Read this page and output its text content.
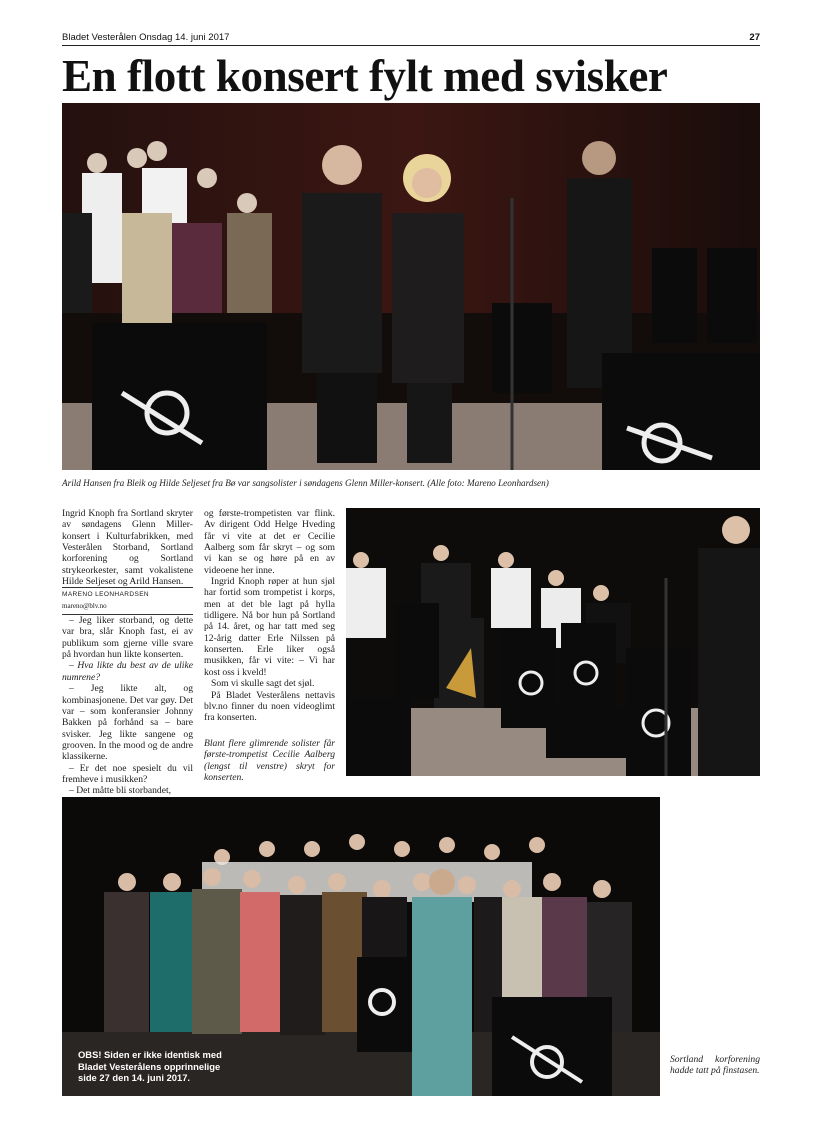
Bladet Vesterålen Onsdag 14. juni 2017	27
En flott konsert fylt med svisker

Arild Hansen fra Bleik og Hilde Seljeset fra Bø var sangsolister i søndagens Glenn Miller-konsert. (Alle foto: Mareno Leonhardsen)

Ingrid Knoph fra Sortland skryter av søndagens Glenn Miller-konsert i Kulturfabrikken, med Vesterålen Storband, Sortland korforening og Sortland strykeorkester, samt vokalistene Hilde Seljeset og Arild Hansen.

MARENO LEONHARDSEN

mareno@blv.no

– Jeg liker storband, og dette var bra, slår Knoph fast, ei av publikum som gjerne ville svare på hvordan hun likte konserten.

– Hva likte du best av de ulike numrene?

– Jeg likte alt, og kombinasjonene. Det var gøy. Det var – som konferansier Johnny Bakken på forhånd sa – bare svisker. Jeg likte sangene og grooven. In the mood og de andre klassikerne.

– Er det noe spesielt du vil fremheve i musikken?

– Det måtte bli storbandet,

og første-trompetisten var flink. Av dirigent Odd Helge Hveding får vi vite at det er Cecilie Aalberg som får skryt – og som vi kan se og høre på en av videoene her inne.

Ingrid Knoph røper at hun sjøl har fortid som trompetist i korps, men at det ble lagt på hylla tidligere. Nå bor hun på Sortland på 14. året, og har tatt med seg 12-årig datter Erle Nilssen på konserten. Erle liker også musikken, får vi vite: – Vi har kost oss i kveld!

Som vi skulle sagt det sjøl.

På Bladet Vesterålens nettavis blv.no finner du noen videoglimt fra konserten.

Blant flere glimrende solister får første-trompetist Cecilie Aalberg (lengst til venstre) skryt for konserten.

OBS! Siden er ikke identisk med
Bladet Vesterålens opprinnelige
side 27 den 14. juni 2017.

Sortland korforening hadde tatt på finstasen.
